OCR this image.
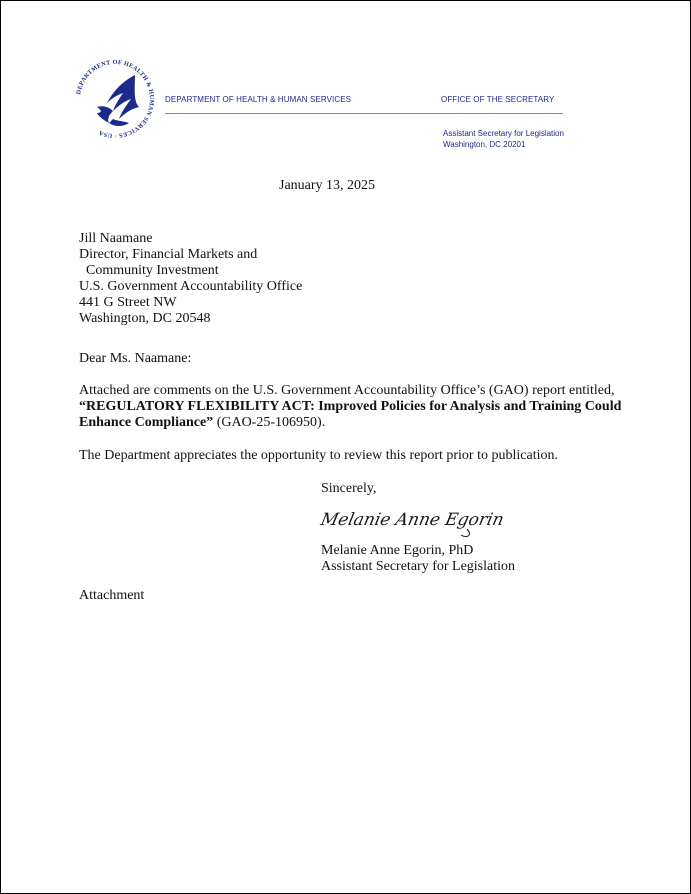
DEPARTMENT OF HEALTH & HUMAN SERVICES · USA
DEPARTMENT OF HEALTH & HUMAN SERVICES	OFFICE OF THE SECRETARY
Assistant Secretary for Legislation
Washington, DC 20201
January 13, 2025
Jill Naamane
Director, Financial Markets and
Community Investment
U.S. Government Accountability Office
441 G Street NW
Washington, DC 20548
Dear Ms. Naamane:
Attached are comments on the U.S. Government Accountability Office’s (GAO) report entitled, “REGULATORY FLEXIBILITY ACT: Improved Policies for Analysis and Training Could Enhance Compliance” (GAO-25-106950).
The Department appreciates the opportunity to review this report prior to publication.
Sincerely,
Melanie Anne Egorin
Melanie Anne Egorin, PhD
Assistant Secretary for Legislation
Attachment
